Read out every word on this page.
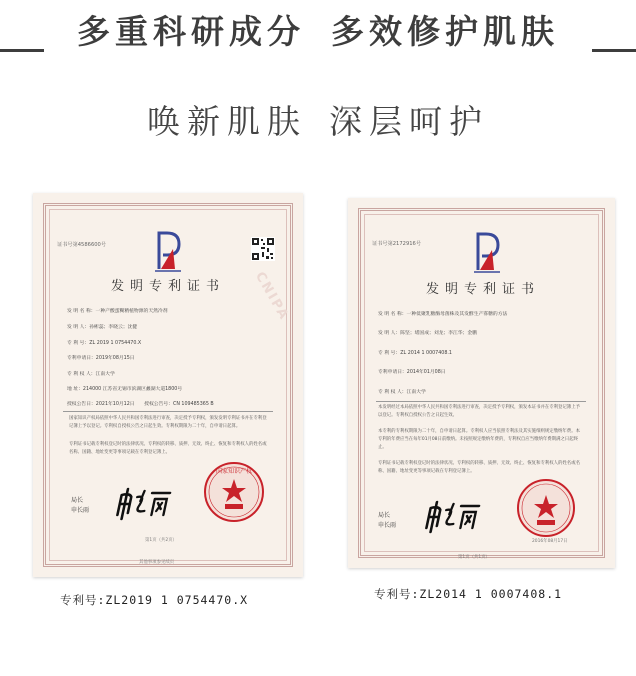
多重科研成分 多效修护肌肤
唤新肌肤 深层呵护
CNIPA
证书号第4586600号
发明专利证书
发 明 名 称：一种产酸蛋糊精植物源的天然冷剂
发 明 人：孙彬蕊；李晓云；沈健
专 利 号：ZL 2019 1 0754470.X
专利申请日：2019年08月15日
专 利 权 人：江南大学
地 址：214000 江苏省无锡市滨湖区蠡湖大道1800号
授权公告日：2021年10月12日　　授权公告号：CN 109485365 B
国家知识产权局依照中华人民共和国专利法进行审查，决定授予专利权，颁发发明专利证书并在专利登记簿上予以登记。专利权自授权公告之日起生效。专利权期限为二十年，自申请日起算。
专利证书记载专利权登记时的法律状况。专利权的转移、质押、无效、终止、恢复和专利权人的姓名或名称、国籍、地址变更等事项记载在专利登记簿上。
局长
申长雨
国家知识产权
第1页（共2页）
其他事项参见续页
证书号第2172916号
发明专利证书
发 明 名 称：一种低聚乳糖酶母菌株及其发酵生产寡糖的方法
发 明 人：陈坚；堵国成；刘龙；李江华；金鹏
专 利 号：ZL 2014 1 0007408.1
专利申请日：2014年01月08日
专 利 权 人：江南大学
本发明经过本局依照中华人民共和国专利法进行审查，决定授予专利权，颁发本证书并在专利登记簿上予以登记。专利权自授权公告之日起生效。
本专利的专利权期限为二十年，自申请日起算。专利权人应当依照专利法及其实施细则规定缴纳年费。本专利的年费应当在每年01月08日前缴纳。未按照规定缴纳年费的，专利权自应当缴纳年费期满之日起终止。
专利证书记载专利权登记时的法律状况。专利权的转移、质押、无效、终止、恢复和专利权人的姓名或名称、国籍、地址变更等事项记载在专利登记簿上。
局长
申长雨
2016年08月17日
第1页（共1页）
专利号:ZL2019 1 0754470.X	专利号:ZL2014 1 0007408.1
